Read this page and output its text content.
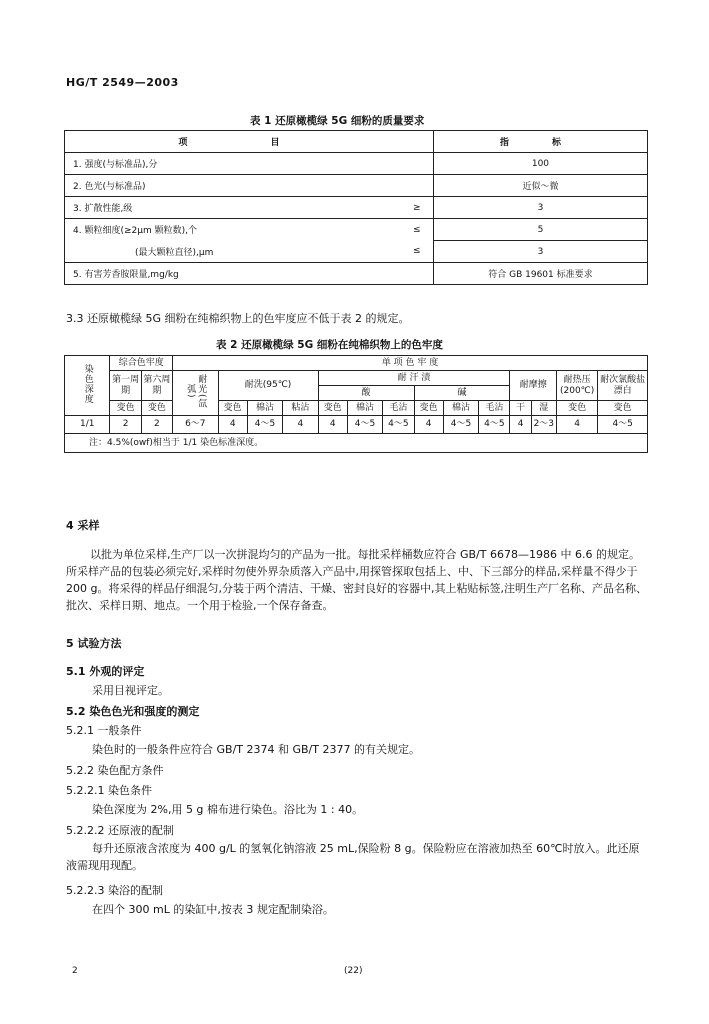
HG/T 2549—2003
表 1 还原橄榄绿 5G 细粉的质量要求
项 目		指 标
1. 强度(与标准品),分		100
2. 色光(与标准品)		近似～微
3. 扩散性能,级	≥	3
4. 颗粒细度(≥2μm 颗粒数),个	≤	5
(最大颗粒直径),μm	≤	3
5. 有害芳香胺限量,mg/kg		符合 GB 19601 标准要求
3.3 还原橄榄绿 5G 细粉在纯棉织物上的色牢度应不低于表 2 的规定。
表 2 还原橄榄绿 5G 细粉在纯棉织物上的色牢度
染色深度	综合色牢度		单 项 色 牢 度													
	第一周期	第六周期	耐光(氙弧)	耐洗(95℃)			耐 汗 渍						耐摩擦		耐热压(200℃)	耐次氯酸盐漂白
							酸			碱						
	变色	变色		变色	棉沾	粘沾	变色	棉沾	毛沾	变色	棉沾	毛沾	干	湿	变色	变色
1/1	2	2	6～7	4	4～5	4	4	4～5	4～5	4	4～5	4～5	4	2～3	4	4～5
注：4.5%(owf)相当于 1/1 染色标准深度。																
4 采样
以批为单位采样,生产厂以一次拼混均匀的产品为一批。每批采样桶数应符合 GB/T 6678—1986 中 6.6 的规定。所采样产品的包装必须完好,采样时勿使外界杂质落入产品中,用探管探取包括上、中、下三部分的样品,采样量不得少于 200 g。将采得的样品仔细混匀,分装于两个清洁、干燥、密封良好的容器中,其上粘贴标签,注明生产厂名称、产品名称、批次、采样日期、地点。一个用于检验,一个保存备查。
5 试验方法
5.1 外观的评定
采用目视评定。
5.2 染色色光和强度的测定
5.2.1 一般条件
染色时的一般条件应符合 GB/T 2374 和 GB/T 2377 的有关规定。
5.2.2 染色配方条件
5.2.2.1 染色条件
染色深度为 2%,用 5 g 棉布进行染色。浴比为 1 : 40。
5.2.2.2 还原液的配制
每升还原液含浓度为 400 g/L 的氢氧化钠溶液 25 mL,保险粉 8 g。保险粉应在溶液加热至 60℃时放入。此还原液需现用现配。
5.2.2.3 染浴的配制
在四个 300 mL 的染缸中,按表 3 规定配制染浴。
2	(22)
